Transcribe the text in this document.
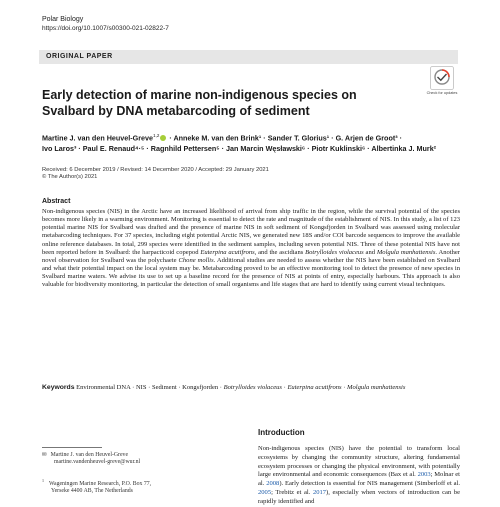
Polar Biology
https://doi.org/10.1007/s00300-021-02822-7
ORIGINAL PAPER
Check for updates
Early detection of marine non-indigenous species on Svalbard by DNA metabarcoding of sediment
Martine J. van den Heuvel-Greve$^{1,2}$ · Anneke M. van den Brink¹ · Sander T. Glorius¹ · G. Arjen de Groot³ ·
Ivo Laros³ · Paul E. Renaud⁴·⁵ · Ragnhild Pettersen⁵ · Jan Marcin Węsławski⁶ · Piotr Kuklinski⁶ · Albertinka J. Murk²
Received: 6 December 2019 / Revised: 14 December 2020 / Accepted: 29 January 2021
© The Author(s) 2021
Abstract
Non-indigenous species (NIS) in the Arctic have an increased likelihood of arrival from ship traffic in the region, while the survival potential of the species becomes more likely in a warming environment. Monitoring is essential to detect the rate and magnitude of the establishment of NIS. In this study, a list of 123 potential marine NIS for Svalbard was drafted and the presence of marine NIS in soft sediment of Kongsfjorden in Svalbard was assessed using molecular metabarcoding techniques. For 37 species, including eight potential Arctic NIS, we generated new 18S and/or COI barcode sequences to improve the available online reference databases. In total, 299 species were identified in the sediment samples, including seven potential NIS. Three of these potential NIS have not been reported before in Svalbard: the harpacticoid copepod Euterpina acutifrons, and the ascidians Botrylloides violaceus and Molgula manhattensis. Another novel observation for Svalbard was the polychaete Chone mollis. Additional studies are needed to assess whether the NIS have been established on Svalbard and what their potential impact on the local system may be. Metabarcoding proved to be an effective monitoring tool to detect the presence of new species in Svalbard marine waters. We advise its use to set up a baseline record for the presence of NIS at points of entry, especially harbours. This approach is also valuable for biodiversity monitoring, in particular the detection of small organisms and life stages that are hard to identify using current visual techniques.
Keywords Environmental DNA · NIS · Sediment · Kongsfjorden · Botrylloides violaceus · Euterpina acutifrons · Molgula manhattensis
Introduction
Non-indigenous species (NIS) have the potential to transform local ecosystems by changing the community structure, altering fundamental ecosystem processes or changing the physical environment, with potentially large environmental and economic consequences (Bax et al. 2003; Molnar et al. 2008). Early detection is essential for NIS management (Simberloff et al. 2005; Trebitz et al. 2017), especially when vectors of introduction can be rapidly identified and
✉ Martine J. van den Heuvel-Greve
martine.vandenheuvel-greve@wur.nl
$^1$Wageningen Marine Research, P.O. Box 77,
Yerseke 4400 AB, The Netherlands
